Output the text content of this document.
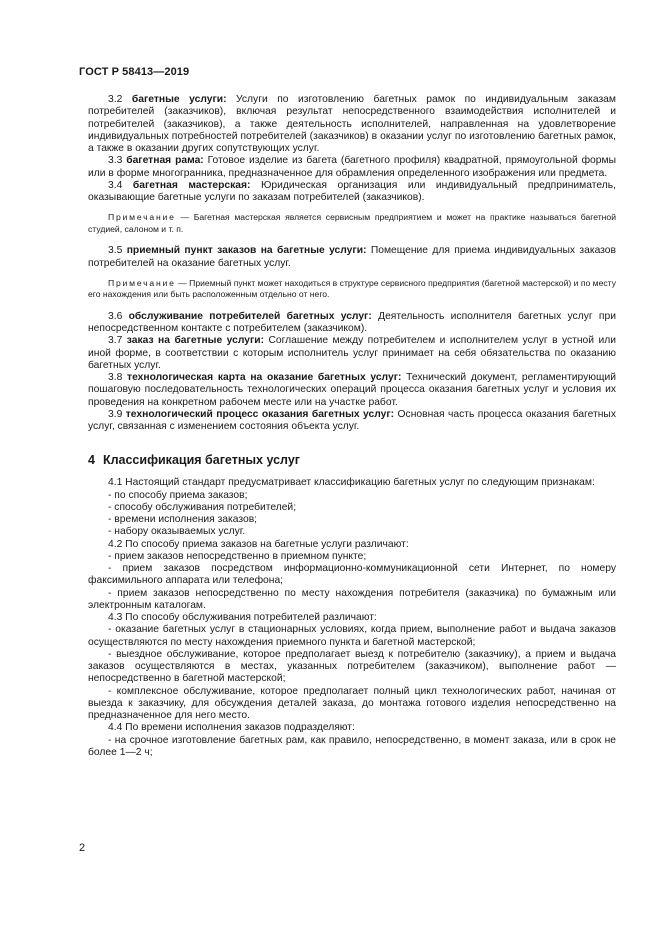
ГОСТ Р 58413—2019

3.2 багетные услуги: Услуги по изготовлению багетных рамок по индивидуальным заказам потребителей (заказчиков), включая результат непосредственного взаимодействия исполнителей и потребителей (заказчиков), а также деятельность исполнителей, направленная на удовлетворение индивидуальных потребностей потребителей (заказчиков) в оказании услуг по изготовлению багетных рамок, а также в оказании других сопутствующих услуг.

3.3 багетная рама: Готовое изделие из багета (багетного профиля) квадратной, прямоугольной формы или в форме многогранника, предназначенное для обрамления определенного изображения или предмета.

3.4 багетная мастерская: Юридическая организация или индивидуальный предприниматель, оказывающие багетные услуги по заказам потребителей (заказчиков).

Примечание — Багетная мастерская является сервисным предприятием и может на практике называться багетной студией, салоном и т. п.

3.5 приемный пункт заказов на багетные услуги: Помещение для приема индивидуальных заказов потребителей на оказание багетных услуг.

Примечание — Приемный пункт может находиться в структуре сервисного предприятия (багетной мастерской) и по месту его нахождения или быть расположенным отдельно от него.

3.6 обслуживание потребителей багетных услуг: Деятельность исполнителя багетных услуг при непосредственном контакте с потребителем (заказчиком).

3.7 заказ на багетные услуги: Соглашение между потребителем и исполнителем услуг в устной или иной форме, в соответствии с которым исполнитель услуг принимает на себя обязательства по оказанию багетных услуг.

3.8 технологическая карта на оказание багетных услуг: Технический документ, регламентирующий пошаговую последовательность технологических операций процесса оказания багетных услуг и условия их проведения на конкретном рабочем месте или на участке работ.

3.9 технологический процесс оказания багетных услуг: Основная часть процесса оказания багетных услуг, связанная с изменением состояния объекта услуг.

4 Классификация багетных услуг

4.1 Настоящий стандарт предусматривает классификацию багетных услуг по следующим признакам:

- по способу приема заказов;

- способу обслуживания потребителей;

- времени исполнения заказов;

- набору оказываемых услуг.

4.2 По способу приема заказов на багетные услуги различают:

- прием заказов непосредственно в приемном пункте;

- прием заказов посредством информационно-коммуникационной сети Интернет, по номеру факсимильного аппарата или телефона;

- прием заказов непосредственно по месту нахождения потребителя (заказчика) по бумажным или электронным каталогам.

4.3 По способу обслуживания потребителей различают:

- оказание багетных услуг в стационарных условиях, когда прием, выполнение работ и выдача заказов осуществляются по месту нахождения приемного пункта и багетной мастерской;

- выездное обслуживание, которое предполагает выезд к потребителю (заказчику), а прием и выдача заказов осуществляются в местах, указанных потребителем (заказчиком), выполнение работ — непосредственно в багетной мастерской;

- комплексное обслуживание, которое предполагает полный цикл технологических работ, начиная от выезда к заказчику, для обсуждения деталей заказа, до монтажа готового изделия непосредственно на предназначенное для него место.

4.4 По времени исполнения заказов подразделяют:

- на срочное изготовление багетных рам, как правило, непосредственно, в момент заказа, или в срок не более 1—2 ч;

2
